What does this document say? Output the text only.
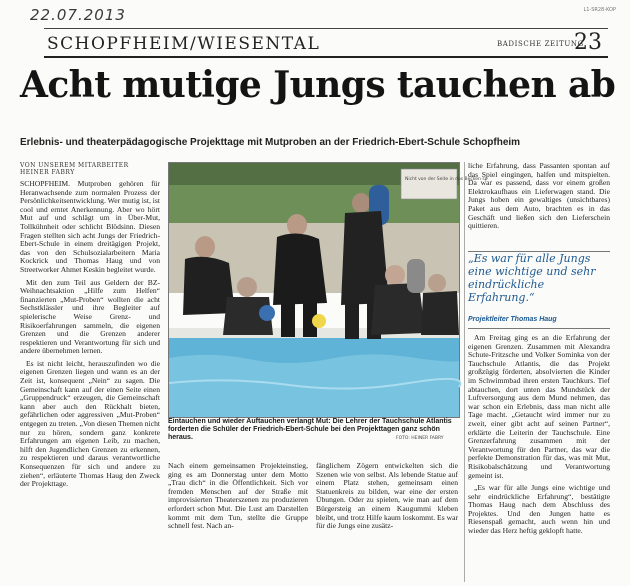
22.07.2013	L1-SR28-KOP
SCHOPFHEIM/WIESENTAL	BADISCHE ZEITUNG
23
Acht mutige Jungs tauchen ab
Erlebnis- und theaterpädagogische Projekttage mit Mutproben an der Friedrich-Ebert-Schule Schopfheim
VON UNSEREM MITARBEITER
HEINER FABRY

SCHOPFHEIM. Mutproben gehören für Heranwachsende zum normalen Prozess der Persönlichkeitsentwicklung. Wer mutig ist, ist cool und erntet Anerkennung. Aber wo hört Mut auf und schlägt um in Über-Mut, Tollkühnheit oder schlicht Blödsinn. Diesen Fragen stellten sich acht Jungs der Friedrich-Ebert-Schule in einem dreitägigen Projekt, das von den Schulsozialarbeitern Maria Kockrick und Thomas Haug und von Streetworker Ahmet Keskin begleitet wurde.

Mit den zum Teil aus Geldern der BZ-Weihnachtsaktion „Hilfe zum Helfen“ finanzierten „Mut-Proben“ wollten die acht Sechstklässler und ihre Begleiter auf spielerische Weise Grenz- und Risikoerfahrungen sammeln, die eigenen Grenzen und die Grenzen anderer respektieren und Verantwortung für sich und andere übernehmen lernen.

Es ist nicht leicht, herauszufinden wo die eigenen Grenzen liegen und wann es an der Zeit ist, konsequent „Nein“ zu sagen. Die Gemeinschaft kann auf der einen Seite einen „Gruppendruck“ erzeugen, die Gemeinschaft kann aber auch den Rückhalt bieten, gefährlichen oder aggressiven „Mut-Proben“ entgegen zu treten. „Von diesen Themen nicht nur zu hören, sondern ganz konkrete Erfahrungen am eigenen Leib, zu machen, hilft den Jugendlichen Grenzen zu erkennen, zu respektieren und daraus verantwortliche Konsequenzen für sich und andere zu ziehen“, erläuterte Thomas Haug den Zweck der Projekttage.

Nicht von der Seite in das Becken sp
Eintauchen und wieder Auftauchen verlangt Mut: Die Lehrer der Tauchschule Atlantis forderten die Schüler der Friedrich-Ebert-Schule bei den Projekttagen ganz schön heraus.	FOTO: HEINER FABRY

Nach einem gemeinsamen Projekteinstieg, ging es am Donnerstag unter dem Motto „Trau dich“ in die Öffentlichkeit. Sich vor fremden Menschen auf der Straße mit improvisierten Theaterszenen zu produzieren erfordert schon Mut. Die Lust am Darstellen kommt mit dem Tun, stellte die Gruppe schnell fest. Nach an-

fänglichem Zögern entwickelten sich die Szenen wie von selbst. Als lebende Statue auf einem Platz stehen, gemeinsam einen Statuenkreis zu bilden, war eine der ersten Übungen. Oder zu spielen, wie man auf dem Bürgersteig an einem Kaugummi kleben bleibt, und trotz Hilfe kaum loskommt. Es war für die Jungs eine zusätz-

liche Erfahrung, dass Passanten spontan auf das Spiel eingingen, halfen und mitspielten. Da war es passend, dass vor einem großen Elektrokaufhaus ein Lieferwagen stand. Die Jungs hoben ein gewaltiges (unsichtbares) Paket aus dem Auto, brachten es in das Geschäft und ließen sich den Lieferschein quittieren.

„Es war für alle Jungs eine wichtige und sehr eindrückliche Erfahrung.“
Projektleiter Thomas Haug

Am Freitag ging es an die Erfahrung der eigenen Grenzen. Zusammen mit Alexandra Schute-Fritzsche und Volker Sominka von der Tauchschule Atlantis, die das Projekt großzügig förderten, absolvierten die Kinder im Schwimmbad ihren ersten Tauchkurs. Tief abtauchen, dort unten das Mundstück der Luftversorgung aus dem Mund nehmen, das war schon ein Erlebnis, dass man nicht alle Tage macht. „Getaucht wird immer nur zu zweit, einer gibt acht auf seinen Partner“, erklärte die Leiterin der Tauchschule. Eine Grenzerfahrung zusammen mit der Verantwortung für den Partner, das war die perfekte Demonstration für das, was mit Mut, Risikobalschätzung und Verantwortung gemeint ist.

„Es war für alle Jungs eine wichtige und sehr eindrückliche Erfahrung“, bestätigte Thomas Haug nach dem Abschluss des Projektes. Und den Jungen hatte es Riesenspaß gemacht, auch wenn hin und wieder das Herz heftig geklopft hatte.
